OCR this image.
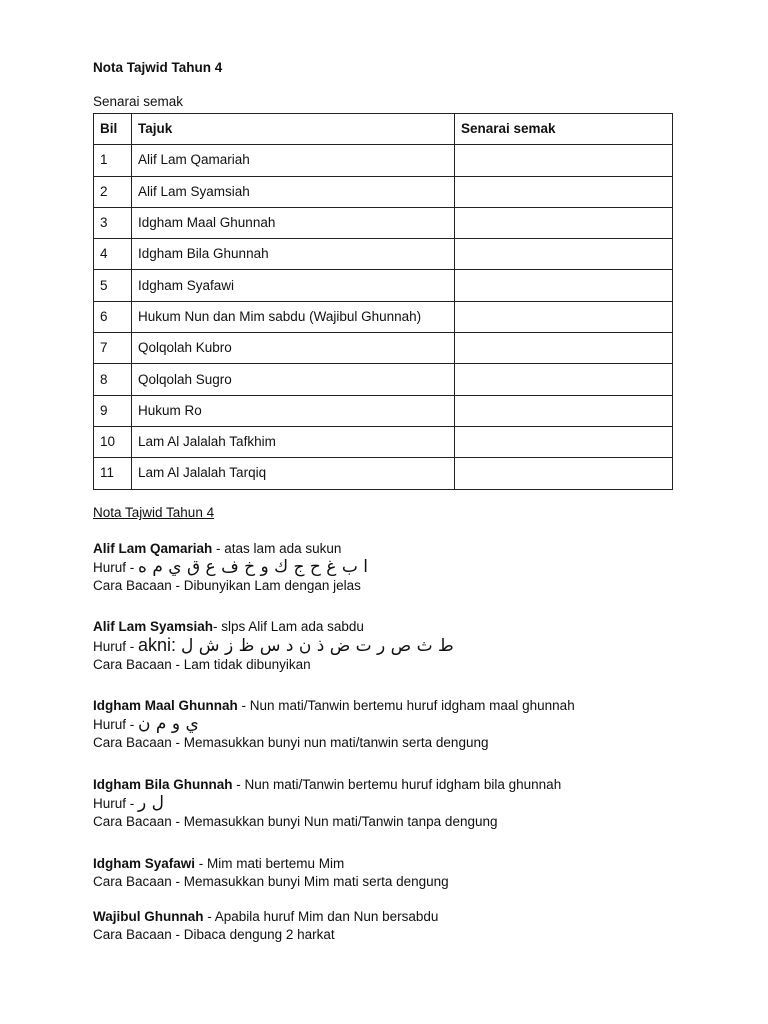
Nota Tajwid Tahun 4
Senarai semak
Bil	Tajuk	Senarai semak
1	Alif Lam Qamariah	
2	Alif Lam Syamsiah	
3	Idgham Maal Ghunnah	
4	Idgham Bila Ghunnah	
5	Idgham Syafawi	
6	Hukum Nun dan Mim sabdu (Wajibul Ghunnah)	
7	Qolqolah Kubro	
8	Qolqolah Sugro	
9	Hukum Ro	
10	Lam Al Jalalah Tafkhim	
11	Lam Al Jalalah Tarqiq	
Nota Tajwid Tahun 4
Alif Lam Qamariah - atas lam ada sukun
Huruf - ا ب غ ح ج ك و خ ف ع ق ي م ه
Cara Bacaan - Dibunyikan Lam dengan jelas
Alif Lam Syamsiah- slps Alif Lam ada sabdu
Huruf - akni: ط ث ص ر ت ض ذ ن د س ظ ز ش ل
Cara Bacaan - Lam tidak dibunyikan
Idgham Maal Ghunnah - Nun mati/Tanwin bertemu huruf idgham maal ghunnah
Huruf - ي و م ن
Cara Bacaan - Memasukkan bunyi nun mati/tanwin serta dengung
Idgham Bila Ghunnah - Nun mati/Tanwin bertemu huruf idgham bila ghunnah
Huruf - ل ر
Cara Bacaan - Memasukkan bunyi Nun mati/Tanwin tanpa dengung
Idgham Syafawi - Mim mati bertemu Mim
Cara Bacaan - Memasukkan bunyi Mim mati serta dengung
Wajibul Ghunnah - Apabila huruf Mim dan Nun bersabdu
Cara Bacaan - Dibaca dengung 2 harkat
